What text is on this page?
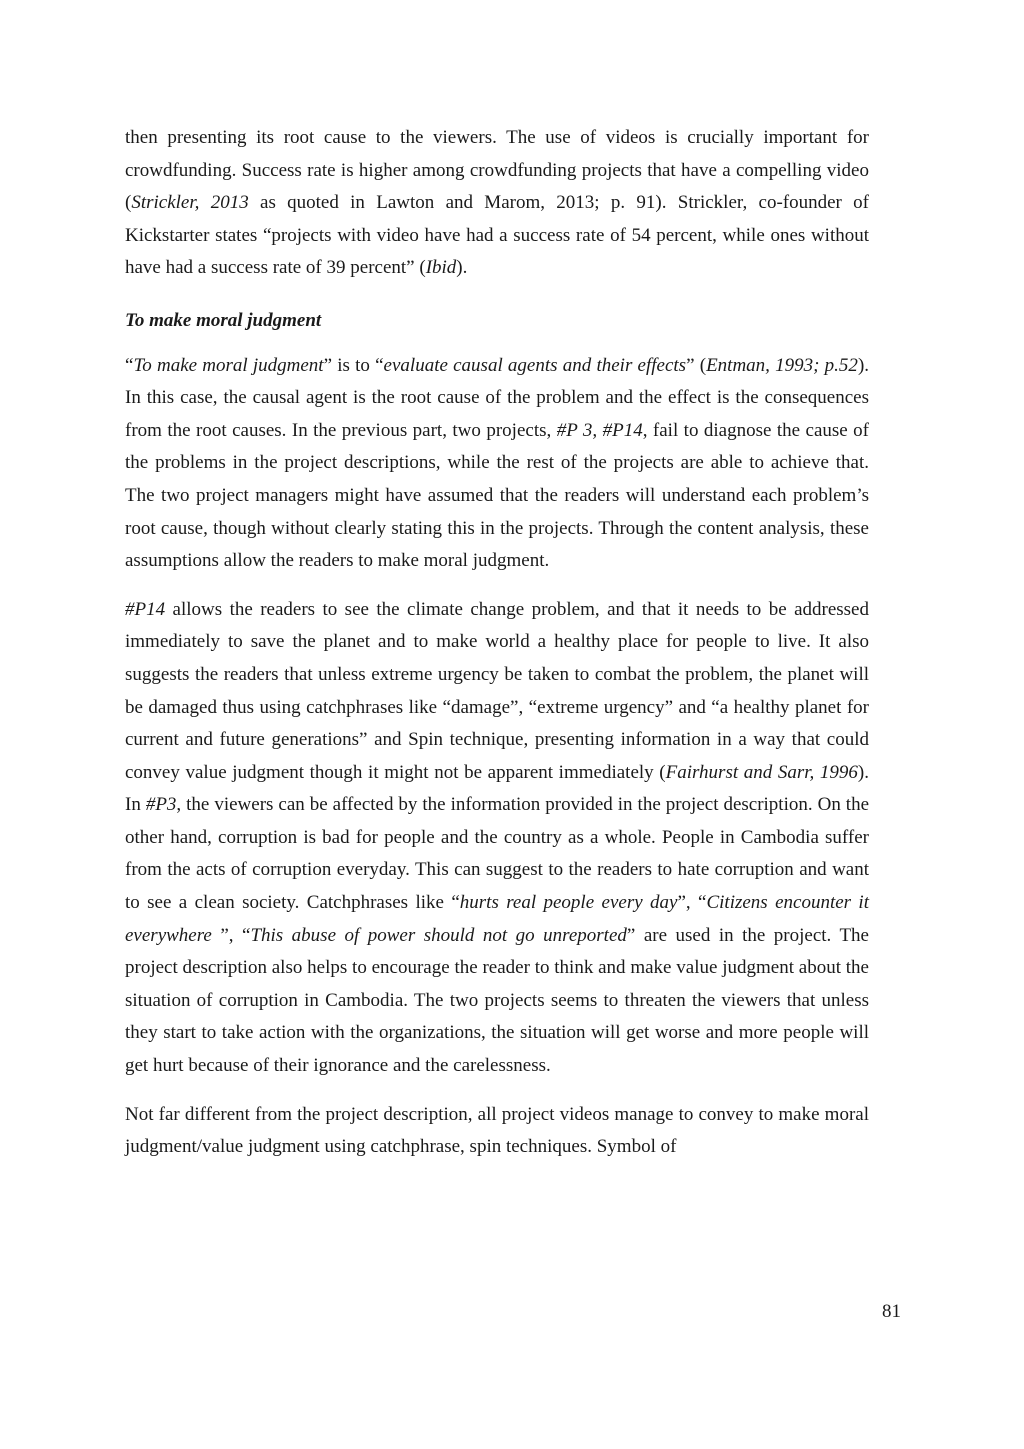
then presenting its root cause to the viewers. The use of videos is crucially important for crowdfunding. Success rate is higher among crowdfunding projects that have a compelling video (Strickler, 2013 as quoted in Lawton and Marom, 2013; p. 91). Strickler, co-founder of Kickstarter states “projects with video have had a success rate of 54 percent, while ones without have had a success rate of 39 percent” (Ibid).

To make moral judgment

“To make moral judgment” is to “evaluate causal agents and their effects” (Entman, 1993; p.52). In this case, the causal agent is the root cause of the problem and the effect is the consequences from the root causes. In the previous part, two projects, #P 3, #P14, fail to diagnose the cause of the problems in the project descriptions, while the rest of the projects are able to achieve that. The two project managers might have assumed that the readers will understand each problem’s root cause, though without clearly stating this in the projects. Through the content analysis, these assumptions allow the readers to make moral judgment.

#P14 allows the readers to see the climate change problem, and that it needs to be addressed immediately to save the planet and to make world a healthy place for people to live. It also suggests the readers that unless extreme urgency be taken to combat the problem, the planet will be damaged thus using catchphrases like “damage”, “extreme urgency” and “a healthy planet for current and future generations” and Spin technique, presenting information in a way that could convey value judgment though it might not be apparent immediately (Fairhurst and Sarr, 1996). In #P3, the viewers can be affected by the information provided in the project description. On the other hand, corruption is bad for people and the country as a whole. People in Cambodia suffer from the acts of corruption everyday. This can suggest to the readers to hate corruption and want to see a clean society. Catchphrases like “hurts real people every day”, “Citizens encounter it everywhere ”, “This abuse of power should not go unreported” are used in the project. The project description also helps to encourage the reader to think and make value judgment about the situation of corruption in Cambodia. The two projects seems to threaten the viewers that unless they start to take action with the organizations, the situation will get worse and more people will get hurt because of their ignorance and the carelessness.

Not far different from the project description, all project videos manage to convey to make moral judgment/value judgment using catchphrase, spin techniques. Symbol of

81
